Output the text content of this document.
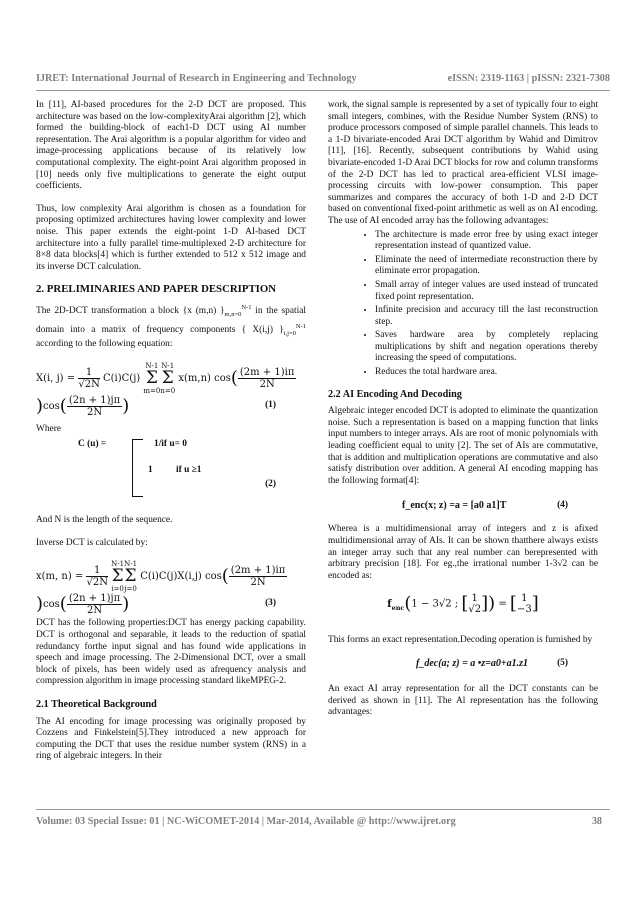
IJRET: International Journal of Research in Engineering and Technology	eISSN: 2319-1163 | pISSN: 2321-7308

In [11], AI-based procedures for the 2-D DCT are proposed. This architecture was based on the low-complexityArai algorithm [2], which formed the building-block of each1-D DCT using AI number representation. The Arai algorithm is a popular algorithm for video and image-processing applications because of its relatively low computational complexity. The eight-point Arai algorithm proposed in [10] needs only five multiplications to generate the eight output coefficients.

Thus, low complexity Arai algorithm is chosen as a foundation for proposing optimized architectures having lower complexity and lower noise. This paper extends the eight-point 1-D AI-based DCT architecture into a fully parallel time-multiplexed 2-D architecture for 8×8 data blocks[4] which is further extended to 512 x 512 image and its inverse DCT calculation.

2. PRELIMINARIES AND PAPER DESCRIPTION

The 2D-DCT transformation a block {x (m,n) }$_{m,n=0}^{N-1}$ in the spatial domain into a matrix of frequency components { X(i,j) }$_{i,j=0}^{N-1}$ according to the following equation:

X(i, $j) = \frac{1}{√2N} C(i)C(j)$ N-1
Σ
m=0N-1
Σ
n=0 x(m,n) $\cos( \frac{(2m + 1)i\pi}{2N}$
)$\cos( \frac{(2n + 1)j\pi}{2N}$ )	(1)

Where

C (u) =	1/if u= 0
1 if u ≥1
(2)

And N is the length of the sequence.

Inverse DCT is calculated by:

x(m, $n) = \frac{1}{√2N}$
N-1
Σ
i=0N-1
Σ
j=0 C(i)C(j)X(i,j) $\cos( \frac{(2m + 1)i\pi}{2N}$
)$\cos( \frac{(2n + 1)j\pi}{2N}$ )	(3)

DCT has the following properties:DCT has energy packing capability. DCT is orthogonal and separable, it leads to the reduction of spatial redundancy forthe input signal and has found wide applications in speech and image processing. The 2-Dimensional DCT, over a small block of pixels, has been widely used as afrequency analysis and compression algorithm in image processing standard likeMPEG-2.

2.1 Theoretical Background

The AI encoding for image processing was originally proposed by Cozzens and Finkelstein[5].They introduced a new approach for computing the DCT that uses the residue number system (RNS) in a ring of algebraic integers. In their

work, the signal sample is represented by a set of typically four to eight small integers, combines, with the Residue Number System (RNS) to produce processors composed of simple parallel channels. This leads to a 1-D bivariate-encoded Arai DCT algorithm by Wahid and Dimitrov [11], [16]. Recently, subsequent contributions by Wahid using bivariate-encoded 1-D Arai DCT blocks for row and column transforms of the 2-D DCT has led to practical area-efficient VLSI image-processing circuits with low-power consumption. This paper summarizes and compares the accuracy of both 1-D and 2-D DCT based on conventional fixed-point arithmetic as well as on AI encoding. The use of AI encoded array has the following advantages:

• The architecture is made error free by using exact integer representation instead of quantized value.
• Eliminate the need of intermediate reconstruction there by eliminate error propagation.
• Small array of integer values are used instead of truncated fixed point representation.
• Infinite precision and accuracy till the last reconstruction step.
• Saves hardware area by completely replacing multiplications by shift and negation operations thereby increasing the speed of computations.
• Reduces the total hardware area.
2.2 AI Encoding And Decoding

Algebraic integer encoded DCT is adopted to eliminate the quantization noise. Such a representation is based on a mapping function that links input numbers to integer arrays. AIs are root of monic polynomials with leading coefficient equal to unity [2]. The set of AIs are commutative, that is addition and multiplication operations are commutative and also satisfy distribution over addition. A general AI encoding mapping has the following format[4]:

f_enc(x; z) =a = [a0 a1]T	(4)

Wherea is a multidimensional array of integers and z is afixed multidimensional array of AIs. It can be shown thatthere always exists an integer array such that any real number can berepresented with arbitrary precision [18]. For eg.,the irrational number 1-3√2 can be encoded as:

$f_{enc}(1 - 3√2$ ; [ 1
√2 ]) = [ 1
−3 ]

This forms an exact representation.Decoding operation is furnished by

f_dec(a; z) = a •z=a0+a1.z1	(5)

An exact AI array representation for all the DCT constants can be derived as shown in [11]. The Al representation has the following advantages:

Volume: 03 Special Issue: 01 | NC-WiCOMET-2014 | Mar-2014, Available @ http://www.ijret.org	38
